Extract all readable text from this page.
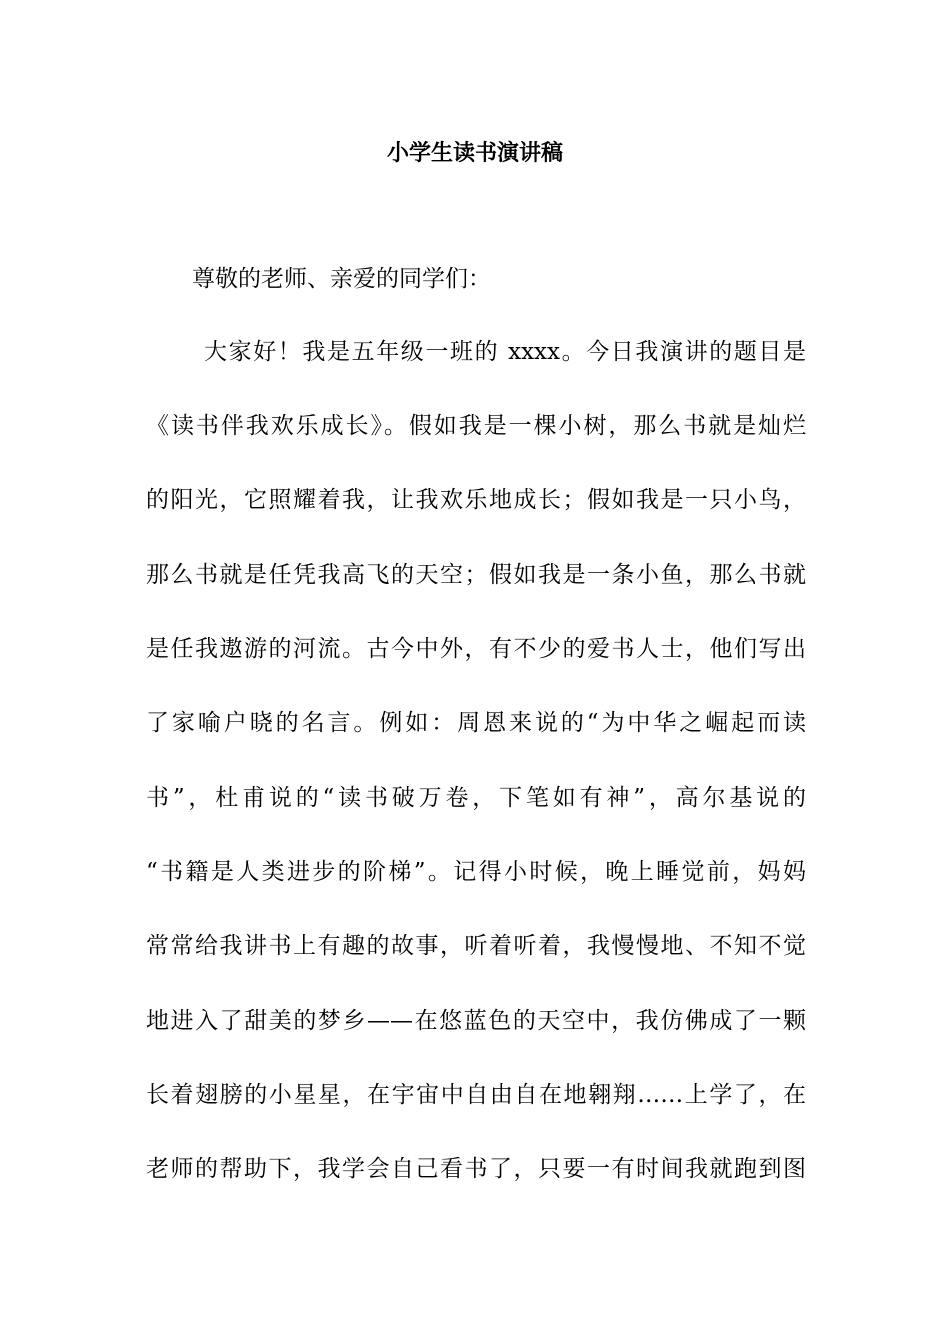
小学生读书演讲稿
尊敬的老师、亲爱的同学们：
大家好！我是五年级一班的 xxxx。今日我演讲的题目是
《读书伴我欢乐成长》。假如我是一棵小树，那么书就是灿烂
的阳光，它照耀着我，让我欢乐地成长；假如我是一只小鸟，
那么书就是任凭我高飞的天空；假如我是一条小鱼，那么书就
是任我遨游的河流。古今中外，有不少的爱书人士，他们写出
了家喻户晓的名言。例如：周恩来说的“为中华之崛起而读
书”，杜甫说的“读书破万卷，下笔如有神”，高尔基说的
“书籍是人类进步的阶梯”。记得小时候，晚上睡觉前，妈妈
常常给我讲书上有趣的故事，听着听着，我慢慢地、不知不觉
地进入了甜美的梦乡——在悠蓝色的天空中，我仿佛成了一颗
长着翅膀的小星星，在宇宙中自由自在地翱翔……上学了，在
老师的帮助下，我学会自己看书了，只要一有时间我就跑到图
